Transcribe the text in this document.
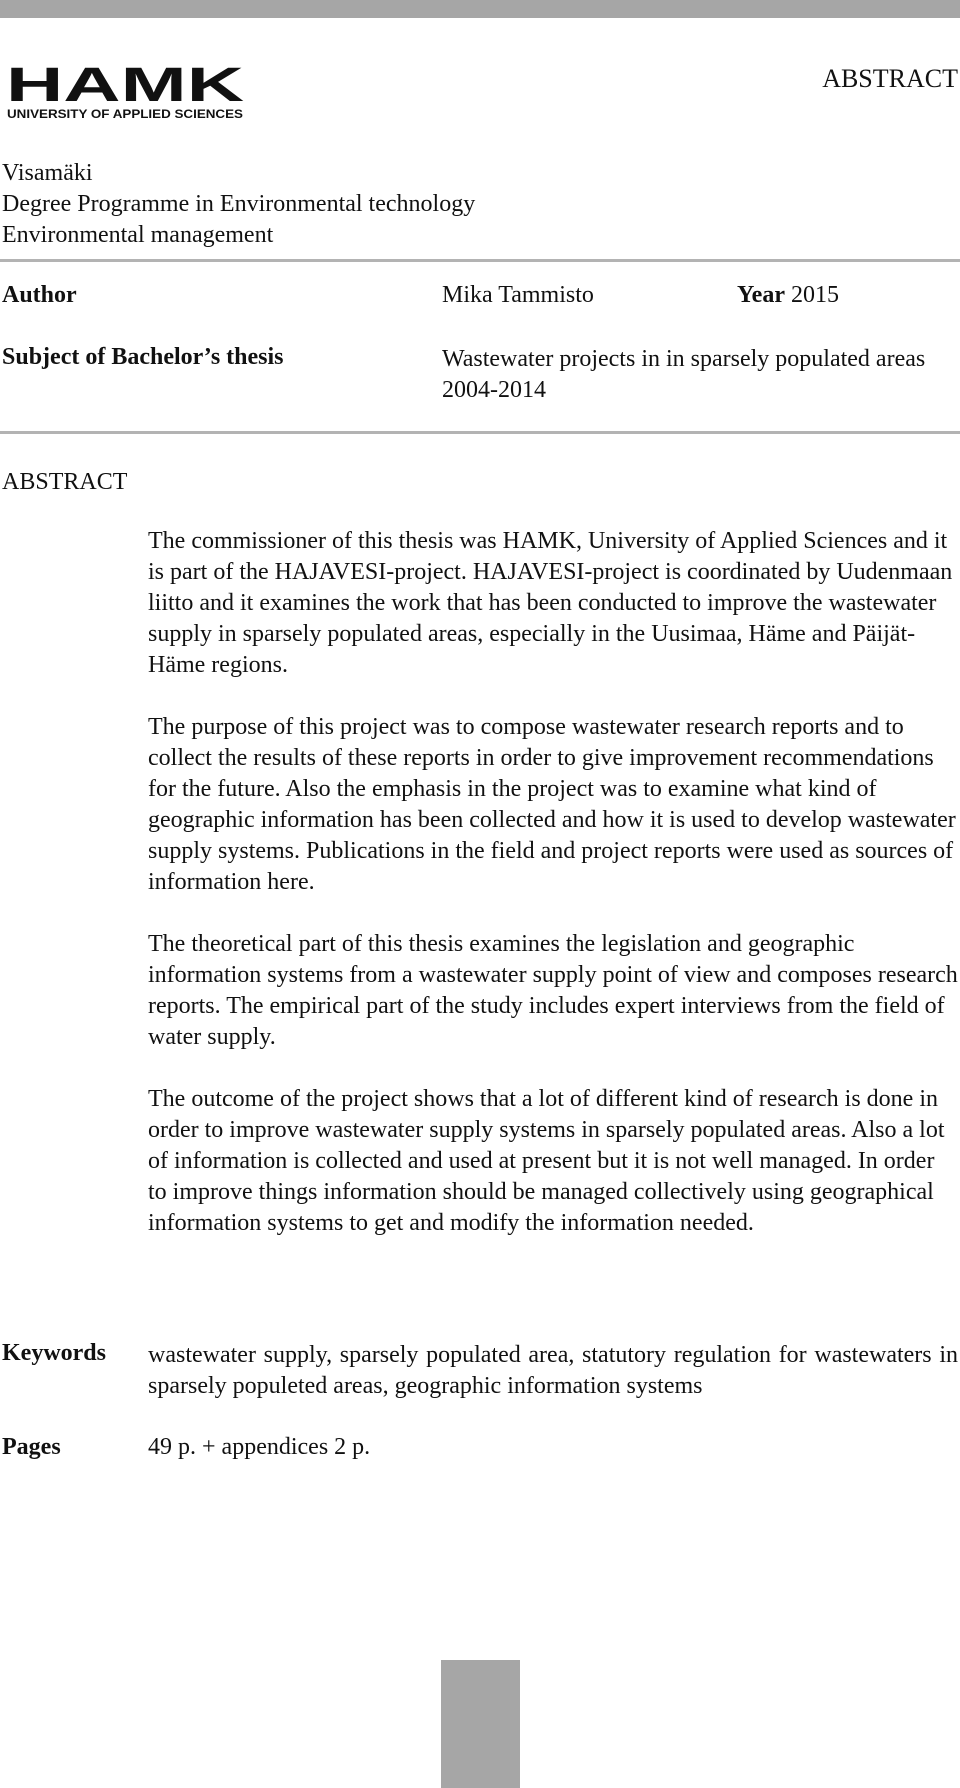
HAMK
UNIVERSITY OF APPLIED SCIENCES
ABSTRACT
Visamäki
Degree Programme in Environmental technology
Environmental management
Author	Mika Tammisto	Year 2015
Subject of Bachelor’s thesis	Wastewater projects in in sparsely populated areas 2004-2014
ABSTRACT

The commissioner of this thesis was HAMK, University of Applied Sciences and it is part of the HAJAVESI-project. HAJAVESI-project is coordinated by Uudenmaan liitto and it examines the work that has been conducted to improve the wastewater supply in sparsely populated areas, especially in the Uusimaa, Häme and Päijät-Häme regions.

The purpose of this project was to compose wastewater research reports and to collect the results of these reports in order to give improvement recommendations for the future. Also the emphasis in the project was to examine what kind of geographic information has been collected and how it is used to develop wastewater supply systems. Publications in the field and project reports were used as sources of information here.

The theoretical part of this thesis examines the legislation and geographic information systems from a wastewater supply point of view and composes research reports. The empirical part of the study includes expert interviews from the field of water supply.

The outcome of the project shows that a lot of different kind of research is done in order to improve wastewater supply systems in sparsely populated areas. Also a lot of information is collected and used at present but it is not well managed. In order to improve things information should be managed collectively using geographical information systems to get and modify the information needed.

Keywords wastewater supply, sparsely populated area, statutory regulation for wastewaters in sparsely populeted areas, geographic information systems
Pages	49 p. + appendices 2 p.
